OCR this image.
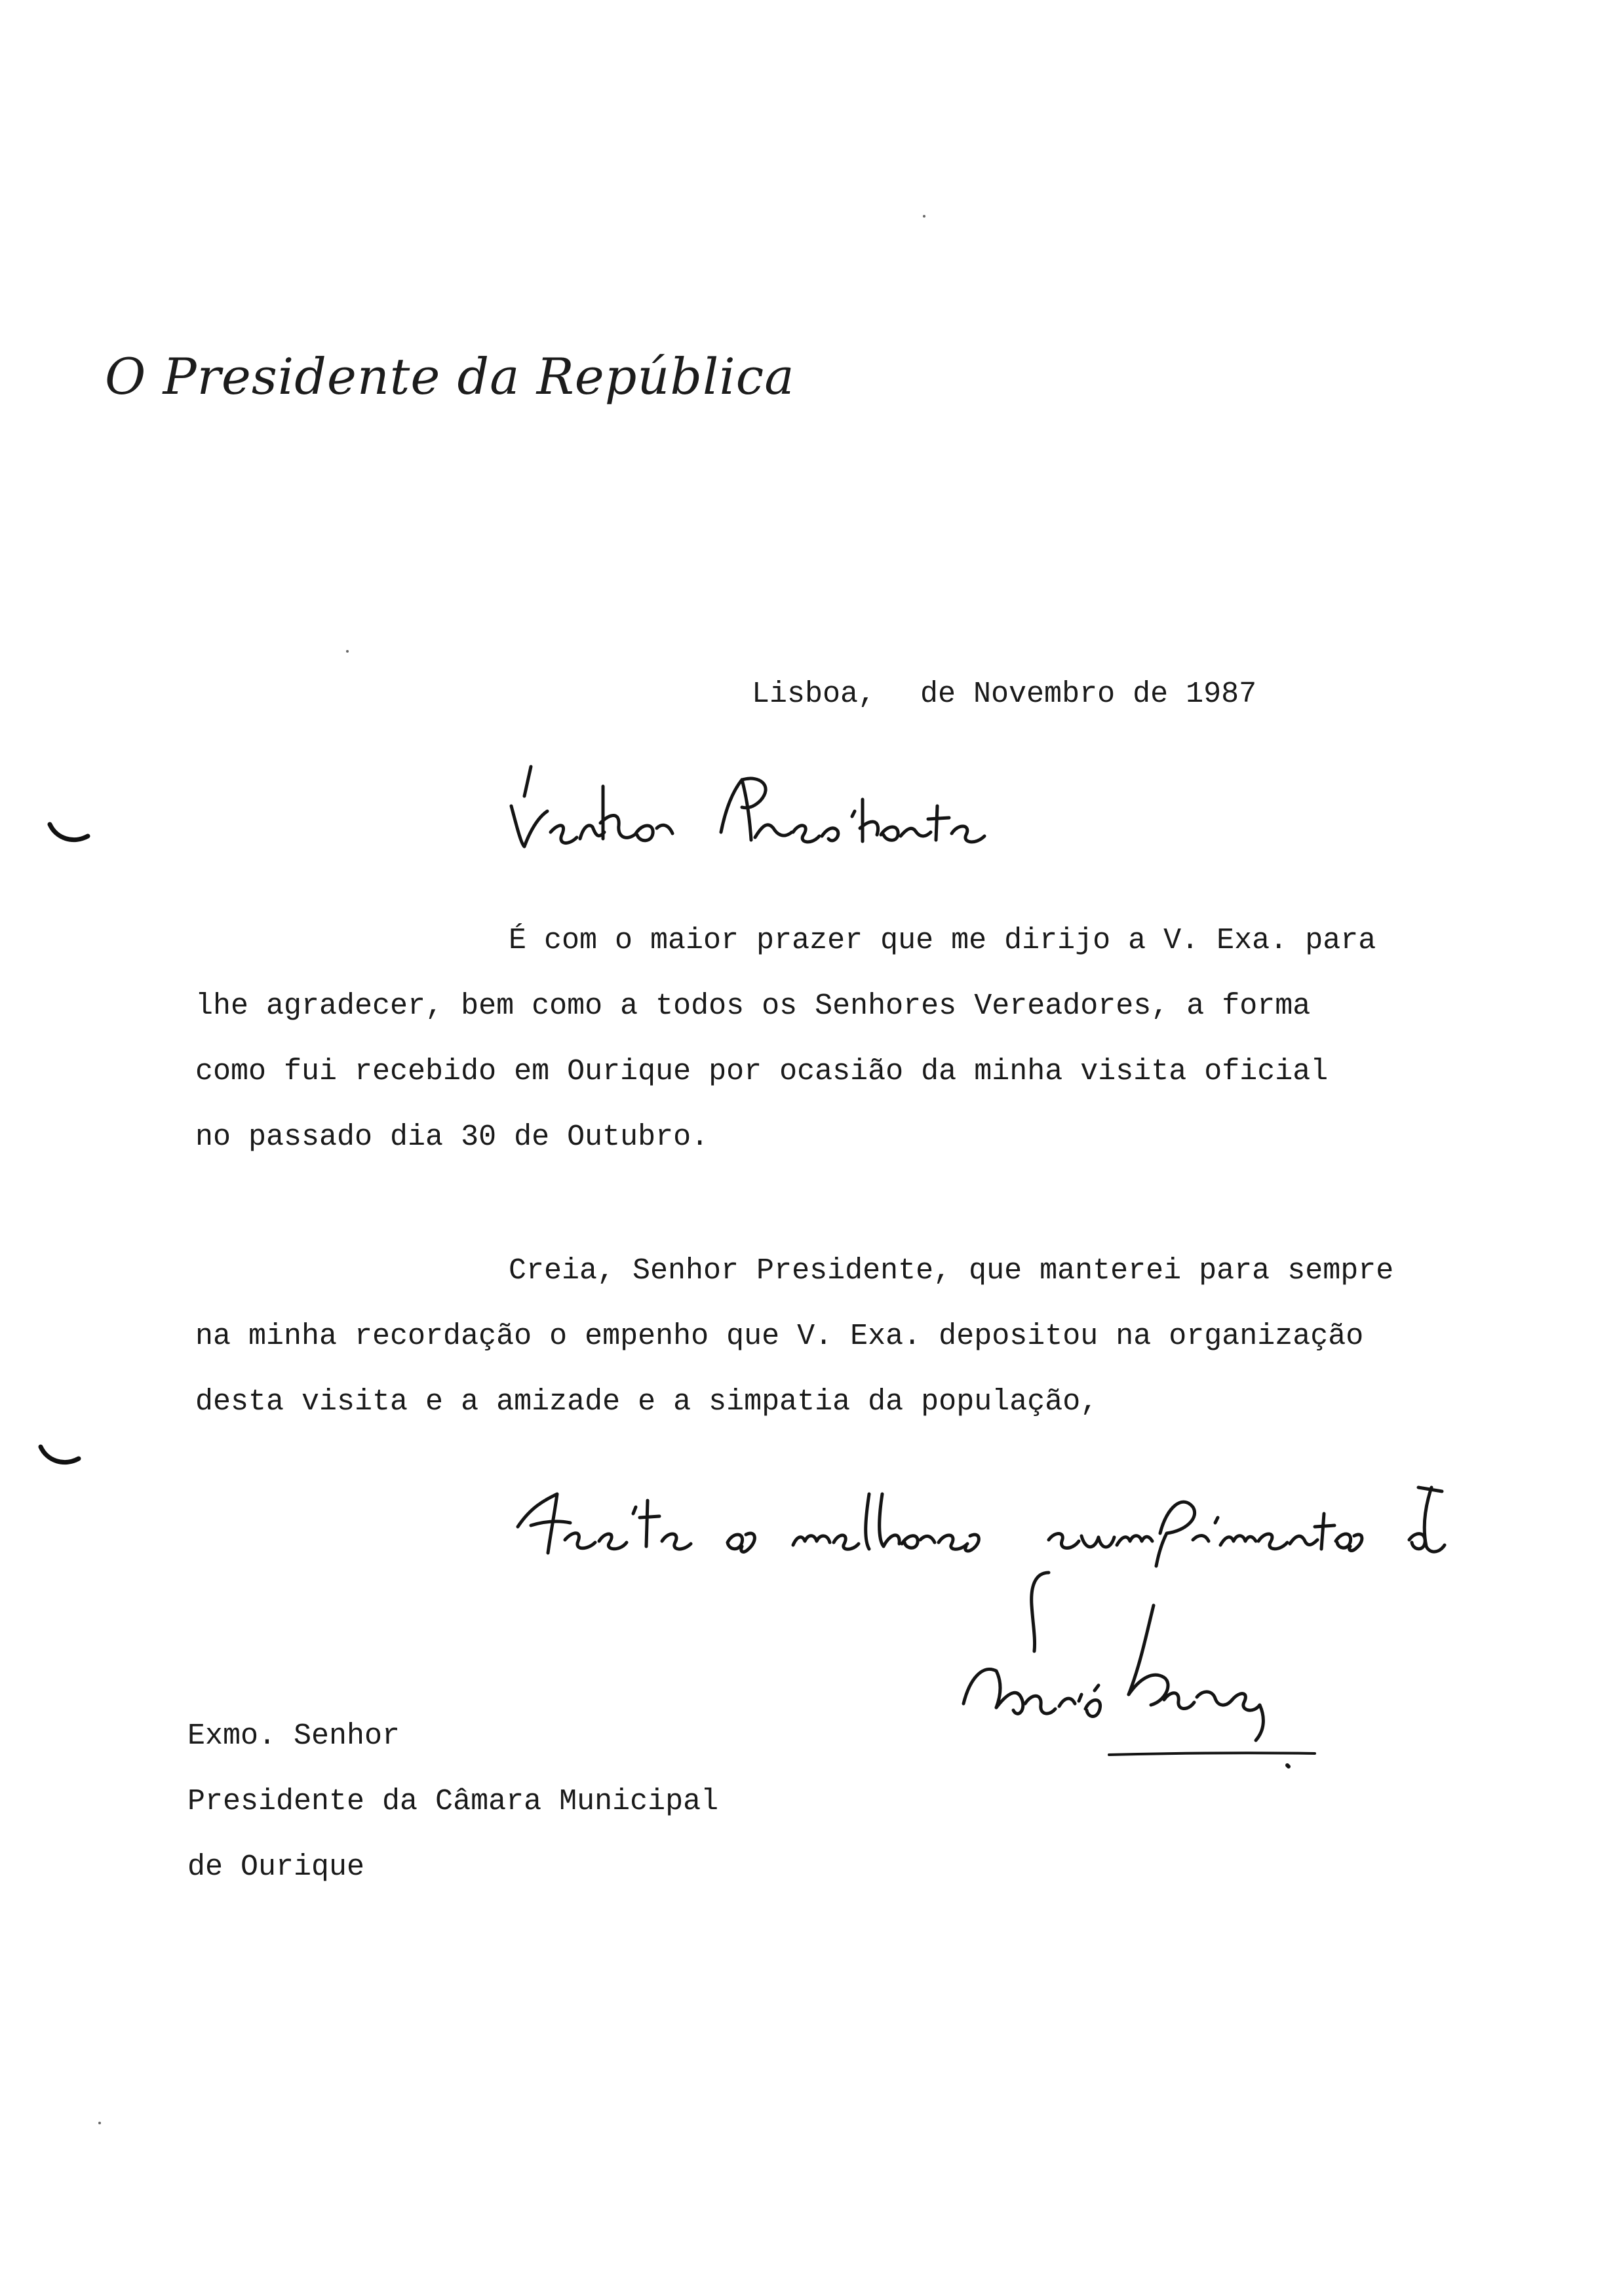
O Presidente da República
Lisboa, de Novembro de 1987
É com o maior prazer que me dirijo a V. Exa. para
lhe agradecer, bem como a todos os Senhores Vereadores, a forma
como fui recebido em Ourique por ocasião da minha visita oficial
no passado dia 30 de Outubro.
Creia, Senhor Presidente, que manterei para sempre
na minha recordação o empenho que V. Exa. depositou na organização
desta visita e a amizade e a simpatia da população,
Exmo. Senhor
Presidente da Câmara Municipal
de Ourique
